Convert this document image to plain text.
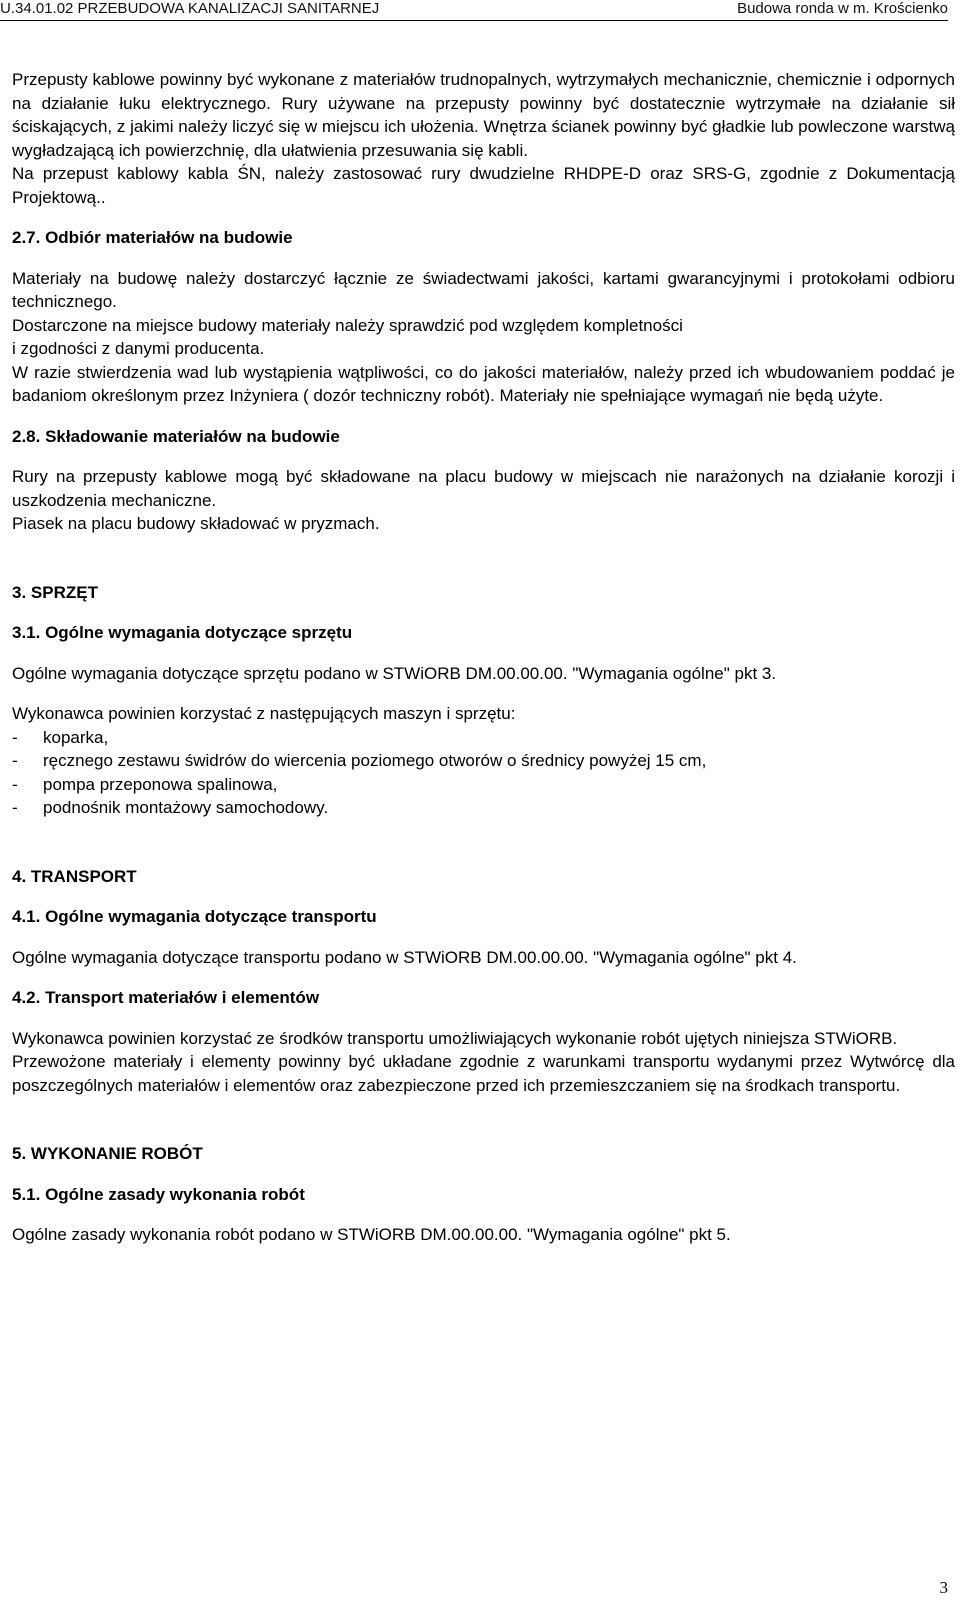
U.34.01.02 PRZEBUDOWA KANALIZACJI SANITARNEJ	Budowa ronda w m. Krościenko

Przepusty kablowe powinny być wykonane z materiałów trudnopalnych, wytrzymałych mechanicznie, chemicznie i odpornych na działanie łuku elektrycznego. Rury używane na przepusty powinny być dostatecznie wytrzymałe na działanie sił ściskających, z jakimi należy liczyć się w miejscu ich ułożenia. Wnętrza ścianek powinny być gładkie lub powleczone warstwą wygładzającą ich powierzchnię, dla ułatwienia przesuwania się kabli.

Na przepust kablowy kabla ŚN, należy zastosować rury dwudzielne RHDPE-D oraz SRS-G, zgodnie z Dokumentacją Projektową..

2.7. Odbiór materiałów na budowie

Materiały na budowę należy dostarczyć łącznie ze świadectwami jakości, kartami gwarancyjnymi i protokołami odbioru technicznego.

Dostarczone na miejsce budowy materiały należy sprawdzić pod względem kompletności

i zgodności z danymi producenta.

W razie stwierdzenia wad lub wystąpienia wątpliwości, co do jakości materiałów, należy przed ich wbudowaniem poddać je badaniom określonym przez Inżyniera ( dozór techniczny robót). Materiały nie spełniające wymagań nie będą użyte.

2.8. Składowanie materiałów na budowie

Rury na przepusty kablowe mogą być składowane na placu budowy w miejscach nie narażonych na działanie korozji i uszkodzenia mechaniczne.

Piasek na placu budowy składować w pryzmach.

3. SPRZĘT

3.1. Ogólne wymagania dotyczące sprzętu

Ogólne wymagania dotyczące sprzętu podano w STWiORB DM.00.00.00. "Wymagania ogólne" pkt 3.

Wykonawca powinien korzystać z następujących maszyn i sprzętu:

- koparka,
- ręcznego zestawu świdrów do wiercenia poziomego otworów o średnicy powyżej 15 cm,
- pompa przeponowa spalinowa,
- podnośnik montażowy samochodowy.

4. TRANSPORT

4.1. Ogólne wymagania dotyczące transportu

Ogólne wymagania dotyczące transportu podano w STWiORB DM.00.00.00. "Wymagania ogólne" pkt 4.

4.2. Transport materiałów i elementów

Wykonawca powinien korzystać ze środków transportu umożliwiających wykonanie robót ujętych niniejsza STWiORB.

Przewożone materiały i elementy powinny być układane zgodnie z warunkami transportu wydanymi przez Wytwórcę dla poszczególnych materiałów i elementów oraz zabezpieczone przed ich przemieszczaniem się na środkach transportu.

5. WYKONANIE ROBÓT

5.1. Ogólne zasady wykonania robót

Ogólne zasady wykonania robót podano w STWiORB DM.00.00.00. "Wymagania ogólne" pkt 5.

3
